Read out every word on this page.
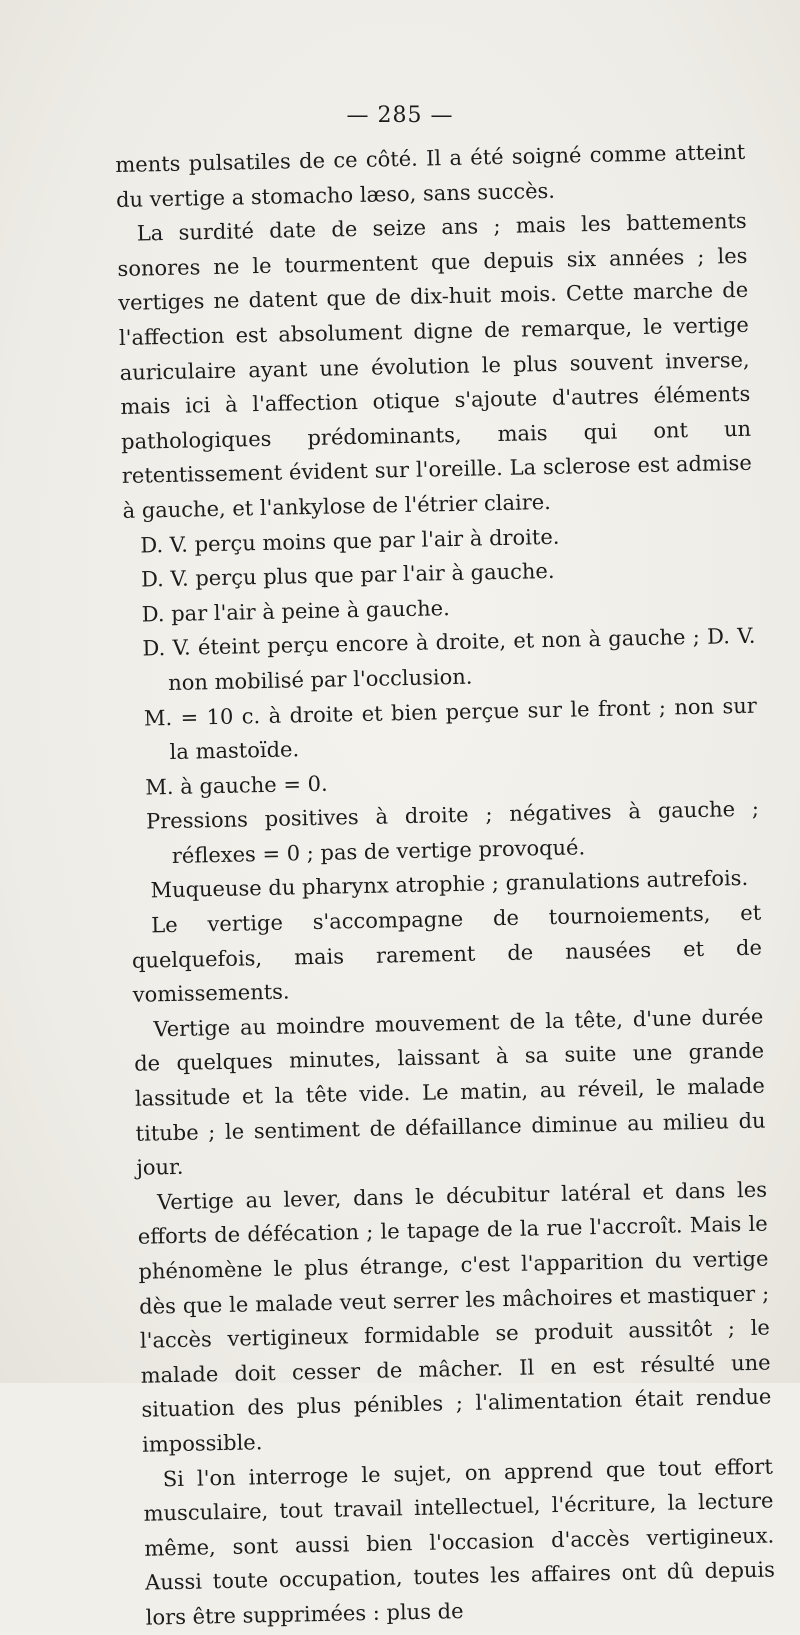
— 285 —

ments pulsatiles de ce côté. Il a été soigné comme atteint du vertige a stomacho læso, sans succès.

La surdité date de seize ans ; mais les battements sonores ne le tourmentent que depuis six années ; les vertiges ne datent que de dix-huit mois. Cette marche de l'affection est absolument digne de remarque, le vertige auriculaire ayant une évolution le plus souvent inverse, mais ici à l'affection otique s'ajoute d'autres éléments pathologiques prédominants, mais qui ont un retentissement évident sur l'oreille. La sclerose est admise à gauche, et l'ankylose de l'étrier claire.

D. V. perçu moins que par l'air à droite.

D. V. perçu plus que par l'air à gauche.

D. par l'air à peine à gauche.

D. V. éteint perçu encore à droite, et non à gauche ; D. V. non mobilisé par l'occlusion.

M. = 10 c. à droite et bien perçue sur le front ; non sur la mastoïde.

M. à gauche = 0.

Pressions positives à droite ; négatives à gauche ; réflexes = 0 ; pas de vertige provoqué.

Muqueuse du pharynx atrophie ; granulations autrefois.

Le vertige s'accompagne de tournoiements, et quelquefois, mais rarement de nausées et de vomissements.

Vertige au moindre mouvement de la tête, d'une durée de quelques minutes, laissant à sa suite une grande lassitude et la tête vide. Le matin, au réveil, le malade titube ; le sentiment de défaillance diminue au milieu du jour.

Vertige au lever, dans le décubitur latéral et dans les efforts de défécation ; le tapage de la rue l'accroît. Mais le phénomène le plus étrange, c'est l'apparition du vertige dès que le malade veut serrer les mâchoires et mastiquer ; l'accès vertigineux formidable se produit aussitôt ; le malade doit cesser de mâcher. Il en est résulté une situation des plus pénibles ; l'alimentation était rendue impossible.

Si l'on interroge le sujet, on apprend que tout effort musculaire, tout travail intellectuel, l'écriture, la lecture même, sont aussi bien l'occasion d'accès vertigineux. Aussi toute occupation, toutes les affaires ont dû depuis lors être supprimées : plus de
